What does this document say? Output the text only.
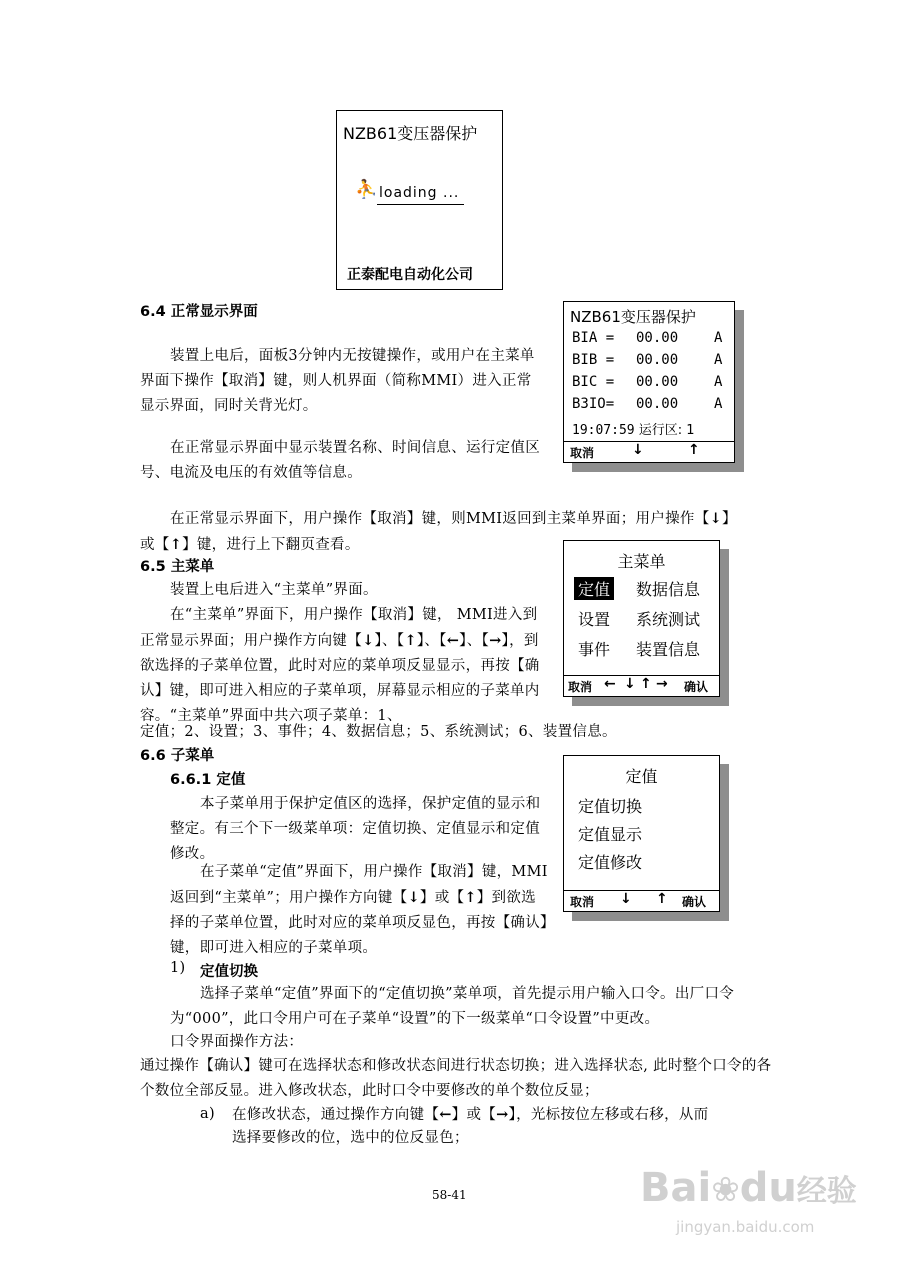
NZB61变压器保护
⛹ loading ...
正泰配电自动化公司
6.4 正常显示界面
装置上电后，面板3分钟内无按键操作，或用户在主菜单界面下操作【取消】键，则人机界面（简称MMI）进入正常显示界面，同时关背光灯。
在正常显示界面中显示装置名称、时间信息、运行定值区号、电流及电压的有效值等信息。
在正常显示界面下，用户操作【取消】键，则MMI返回到主菜单界面；用户操作【↓】
或【↑】键，进行上下翻页查看。
NZB61变压器保护
BIA = 00.00	A
BIB = 00.00	A
BIC = 00.00	A
B3IO= 00.00	A
19:07:59 运行区: 1
取消	↓	↑
6.5 主菜单
装置上电后进入“主菜单”界面。
在“主菜单”界面下，用户操作【取消】键， MMI进入到正常显示界面；用户操作方向键【↓】、【↑】、【←】、【→】，到欲选择的子菜单位置，此时对应的菜单项反显显示，再按【确认】键，即可进入相应的子菜单项，屏幕显示相应的子菜单内容。“主菜单”界面中共六项子菜单：1、
定值；2、设置；3、事件；4、数据信息；5、系统测试；6、装置信息。
主菜单
定值 数据信息
设置 系统测试
事件 装置信息
取消 ← ↓ ↑ → 确认
6.6 子菜单
6.6.1 定值
本子菜单用于保护定值区的选择，保护定值的显示和整定。有三个下一级菜单项：定值切换、定值显示和定值修改。
在子菜单“定值”界面下，用户操作【取消】键，MMI返回到“主菜单”；用户操作方向键【↓】或【↑】到欲选择的子菜单位置，此时对应的菜单项反显色，再按【确认】键，即可进入相应的子菜单项。
1) 定值切换
选择子菜单“定值”界面下的“定值切换”菜单项，首先提示用户输入口令。出厂口令为“000”，此口令用户可在子菜单“设置”的下一级菜单“口令设置”中更改。
口令界面操作方法：
通过操作【确认】键可在选择状态和修改状态间进行状态切换；进入选择状态, 此时整个口令的各个数位全部反显。进入修改状态，此时口令中要修改的单个数位反显；
a) 在修改状态，通过操作方向键【←】或【→】，光标按位左移或右移，从而
选择要修改的位，选中的位反显色；
定值
定值切换
定值显示
定值修改
取消 ↓ ↑ 确认
58-41	Bai❀du经验
jingyan.baidu.com
